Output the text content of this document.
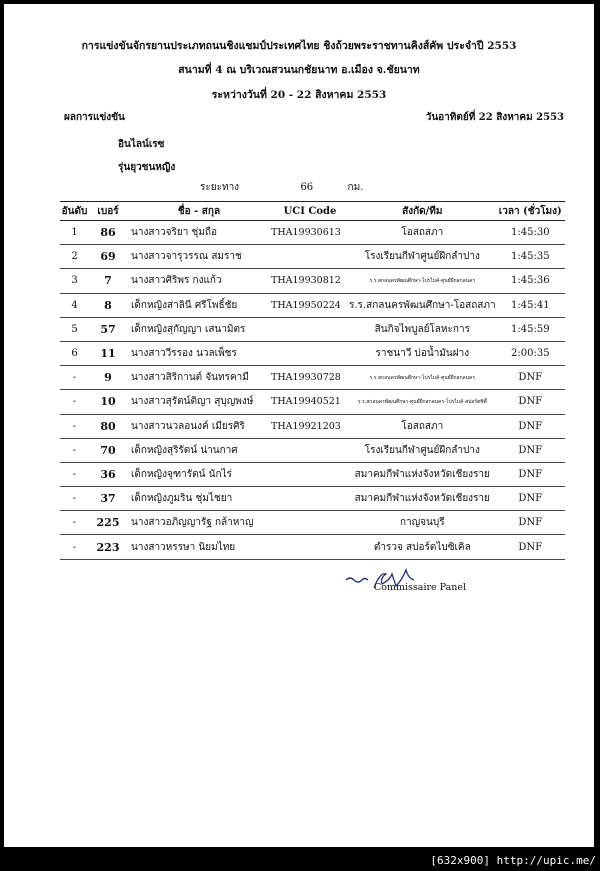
การแข่งขันจักรยานประเภทถนนชิงแชมป์ประเทศไทย ชิงถ้วยพระราชทานคิงส์คัพ ประจำปี 2553
สนามที่ 4 ณ บริเวณสวนนกชัยนาท อ.เมือง จ.ชัยนาท
ระหว่างวันที่ 20 - 22 สิงหาคม 2553
ผลการแข่งขัน	วันอาทิตย์ที่ 22 สิงหาคม 2553
อินไลน์เรซ
รุ่นยุวชนหญิง
ระยะทาง	66	กม.
อันดับ	เบอร์	ชื่อ - สกุล	UCI Code	สังกัด/ทีม	เวลา (ชั่วโมง)
1	86	นางสาวจริยา ชุ่มถือ	THA19930613	โอสถสภา	1:45:30
2	69	นางสาวจารุวรรณ สมราช		โรงเรียนกีฬาศูนย์ฝึกลำปาง	1:45:35
3	7	นางสาวศิริพร กงแก้ว	THA19930812	ร.ร.สกลนครพัฒนศึกษา-โปรไบค์-ศูนย์ฝึกสกลนคร	1:45:36
4	8	เด็กหญิงสาลินี ศรีโพธิ์ชัย	THA19950224	ร.ร.สกลนครพัฒนศึกษา-โอสถสภา	1:45:41
5	57	เด็กหญิงสุกัญญา เสนามิตร		สินกิจไพบูลย์โลหะการ	1:45:59
6	11	นางสาววีรรอง นวลเพ็ชร		ราชนาวี บ่อน้ำมันฝาง	2:00:35
-	9	นางสาวสิริกานต์ จันทรคามี	THA19930728	ร.ร.สกลนครพัฒนศึกษา-โปรไบค์-ศูนย์ฝึกสกลนคร	DNF
-	10	นางสาวสุรัตน์ติญา สุบุญพงษ์	THA19940521	ร.ร.สกลนครพัฒนศึกษา-ศูนย์ฝึกสกลนคร-โปรไบค์-สปอร์ตซิตี้	DNF
-	80	นางสาวนวลอนงค์ เมียรศิริ	THA19921203	โอสถสภา	DNF
-	70	เด็กหญิงสุริรัตน์ น่านกาศ		โรงเรียนกีฬาศูนย์ฝึกลำปาง	DNF
-	36	เด็กหญิงจุฑารัตน์ นักไร่		สมาคมกีฬาแห่งจังหวัดเชียงราย	DNF
-	37	เด็กหญิงภูมริน ชุ่มไชยา		สมาคมกีฬาแห่งจังหวัดเชียงราย	DNF
-	225	นางสาวอภิญญารัฐ กล้าหาญ		กาญจนบุรี	DNF
-	223	นางสาวหรรษา นิยมไทย		ตำรวจ สปอร์ตไบซิเคิล	DNF
Commissaire Panel
[632x900] http://upic.me/
